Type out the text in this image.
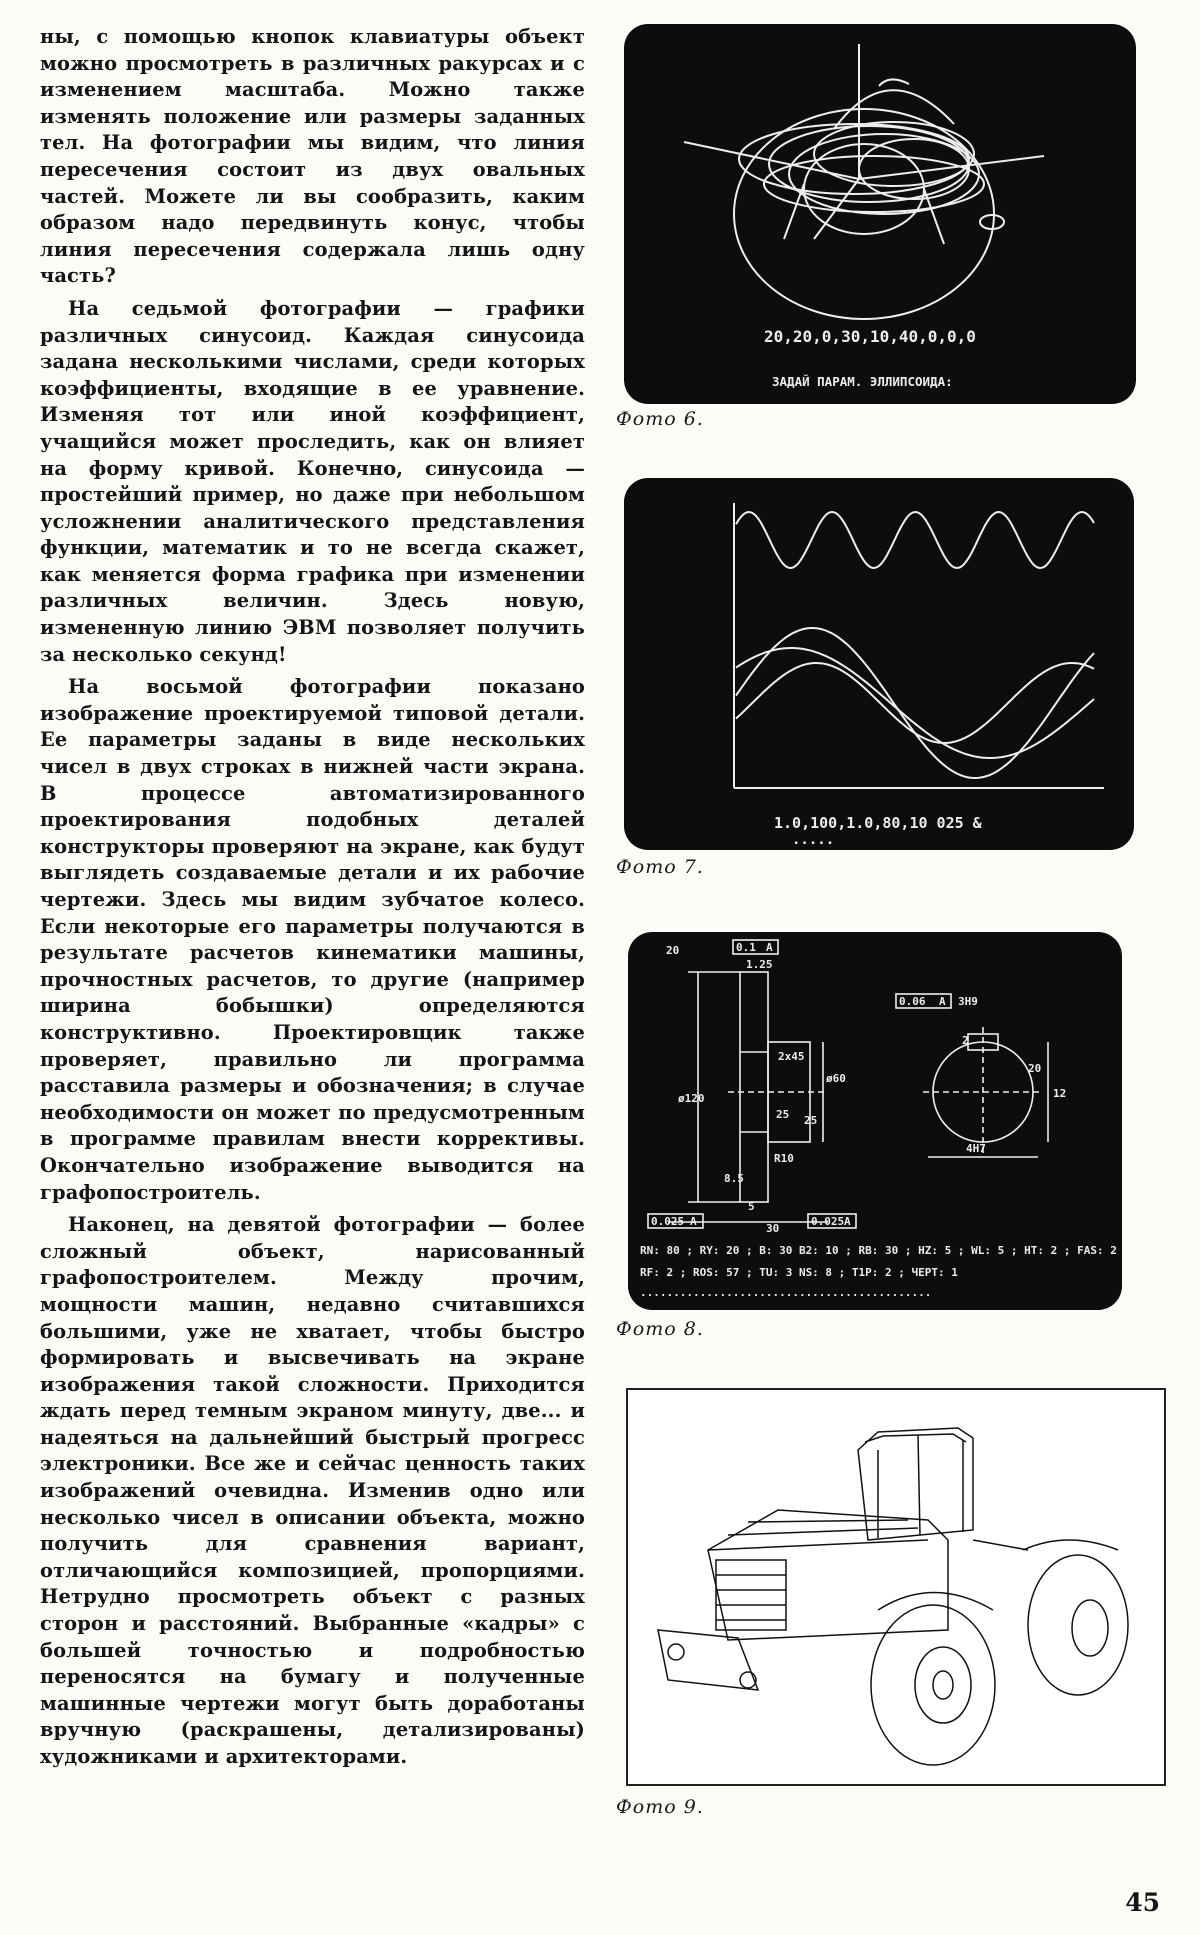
ны, с помощью кнопок клавиатуры объект можно просмотреть в различных ракурсах и с изменением масштаба. Можно также изменять положение или размеры заданных тел. На фотографии мы видим, что линия пересечения состоит из двух овальных частей. Можете ли вы сообразить, каким образом надо передвинуть конус, чтобы линия пересечения содержала лишь одну часть?

На седьмой фотографии — графики различных синусоид. Каждая синусоида задана несколькими числами, среди которых коэффициенты, входящие в ее уравнение. Изменяя тот или иной коэффициент, учащийся может проследить, как он влияет на форму кривой. Конечно, синусоида — простейший пример, но даже при небольшом усложнении аналитического представления функции, математик и то не всегда скажет, как меняется форма графика при изменении различных величин. Здесь новую, измененную линию ЭВМ позволяет получить за несколько секунд!

На восьмой фотографии показано изображение проектируемой типовой детали. Ее параметры заданы в виде нескольких чисел в двух строках в нижней части экрана. В процессе автоматизированного проектирования подобных деталей конструкторы проверяют на экране, как будут выглядеть создаваемые детали и их рабочие чертежи. Здесь мы видим зубчатое колесо. Если некоторые его параметры получаются в результате расчетов кинематики машины, прочностных расчетов, то другие (например ширина бобышки) определяются конструктивно. Проектировщик также проверяет, правильно ли программа расставила размеры и обозначения; в случае необходимости он может по предусмотренным в программе правилам внести коррективы. Окончательно изображение выводится на графопостроитель.

Наконец, на девятой фотографии — более сложный объект, нарисованный графопостроителем. Между прочим, мощности машин, недавно считавшихся большими, уже не хватает, чтобы быстро формировать и высвечивать на экране изображения такой сложности. Приходится ждать перед темным экраном минуту, две... и надеяться на дальнейший быстрый прогресс электроники. Все же и сейчас ценность таких изображений очевидна. Изменив одно или несколько чисел в описании объекта, можно получить для сравнения вариант, отличающийся композицией, пропорциями. Нетрудно просмотреть объект с разных сторон и расстояний. Выбранные «кадры» с большей точностью и подробностью переносятся на бумагу и полученные машинные чертежи могут быть доработаны вручную (раскрашены, детализированы) художниками и архитекторами.

20,20,0,30,10,40,0,0,0
ЗАДАЙ ПАРАМ. ЭЛЛИПСОИДА:
Фото 6.
1.0,100,1.0,80,10 025 &
.....
Фото 7.
20	0.1 A
1.25
0.06 A 3H9
2x45
ø120
ø60
25 25
R10
20
12
2
4H7
5
0.025 A
30
0.025 A
8.5
RN: 80 ; RY: 20 ; B: 30 B2: 10 ; RB: 30 ; HZ: 5 ; WL: 5 ; HT: 2 ; FAS: 2
RF: 2 ; ROS: 57 ; TU: 3 NS: 8 ; T1P: 2 ; ЧЕРТ: 1
............................................
Фото 8.
Фото 9.
45
